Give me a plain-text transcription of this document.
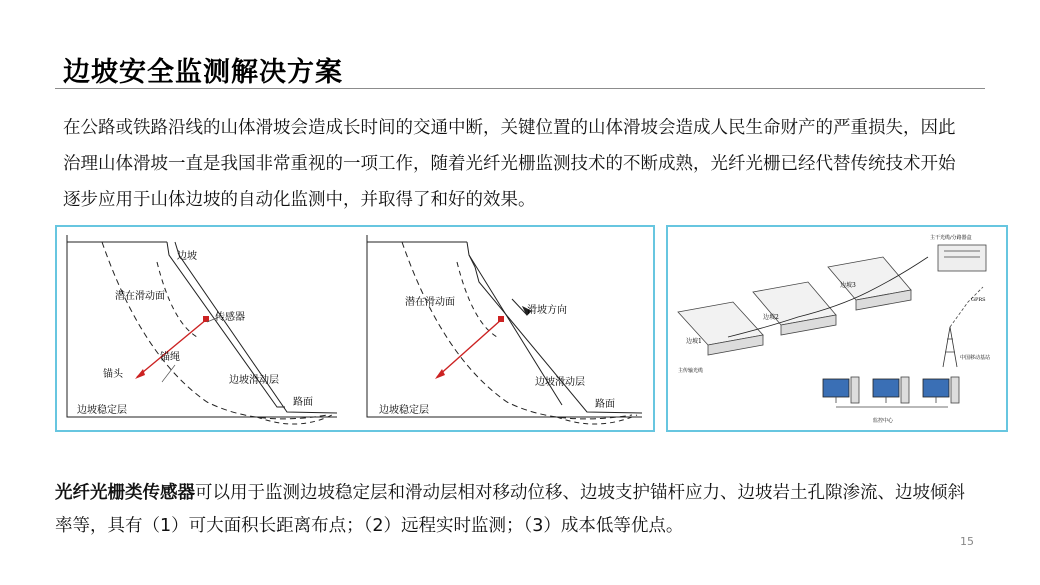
边坡安全监测解决方案
在公路或铁路沿线的山体滑坡会造成长时间的交通中断，关键位置的山体滑坡会造成人民生命财产的严重损失，因此治理山体滑坡一直是我国非常重视的一项工作，随着光纤光栅监测技术的不断成熟，光纤光栅已经代替传统技术开始逐步应用于山体边坡的自动化监测中，并取得了和好的效果。
边坡
潜在滑动面
传感器
锚绳
锚头
边坡滑动层
路面
边坡稳定层
潜在滑动面
滑坡方向
边坡滑动层
路面
边坡稳定层
边坡1
边坡2
边坡3
主传输光缆
主干光缆/分路器盒
GPRS
中国移动基站
监控中心
光纤光栅类传感器可以用于监测边坡稳定层和滑动层相对移动位移、边坡支护锚杆应力、边坡岩土孔隙渗流、边坡倾斜率等，具有（1）可大面积长距离布点；（2）远程实时监测；（3）成本低等优点。
15
